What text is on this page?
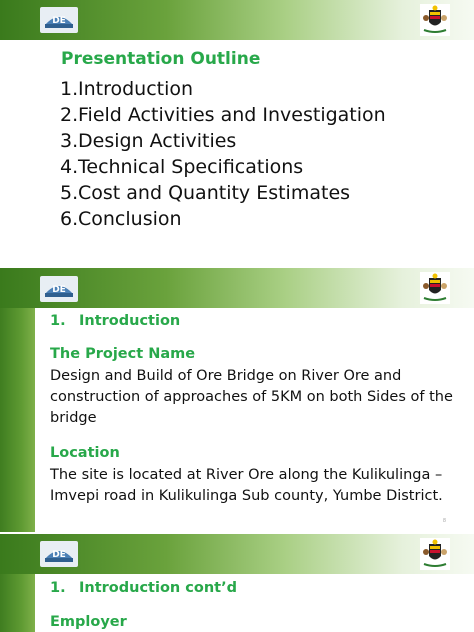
DE
Presentation Outline
1.Introduction
2.Field Activities and Investigation
3.Design Activities
4.Technical Specifications
5.Cost and Quantity Estimates
6.Conclusion
DE
1. Introduction
The Project Name
Design and Build of Ore Bridge on River Ore and construction of approaches of 5KM on both Sides of the bridge
Location
The site is located at River Ore along the Kulikulinga – Imvepi road in Kulikulinga Sub county, Yumbe District.
8
DE
1. Introduction cont’d
Employer
